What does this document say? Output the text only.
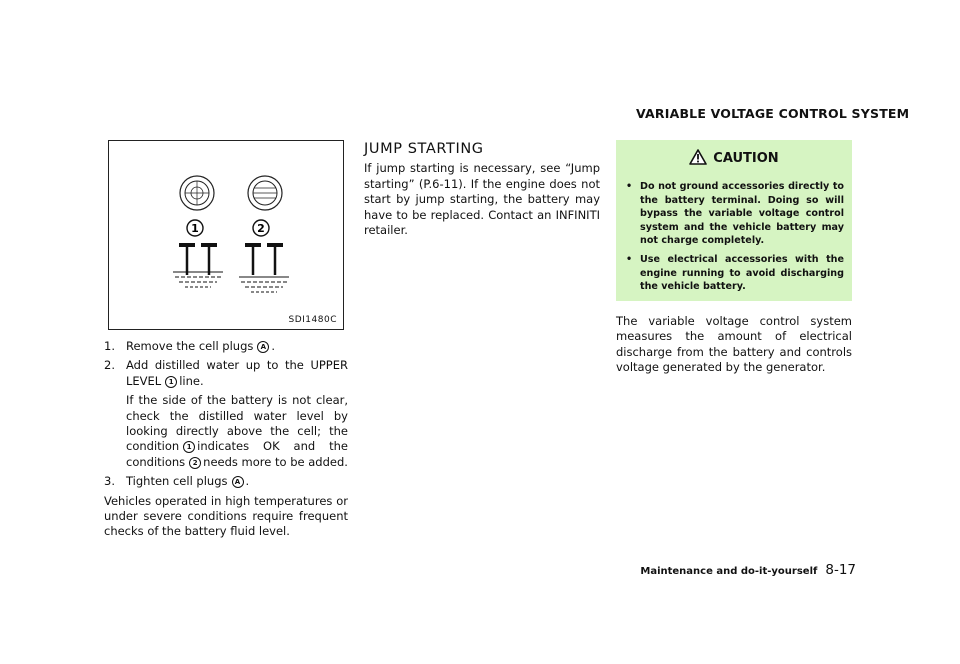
1	2
SDI1480C
1. Remove the cell plugs A .
2. Add distilled water up to the UPPER LEVEL 1 line.

If the side of the battery is not clear, check the distilled water level by looking directly above the cell; the condition 1 indicates OK and the conditions 2 needs more to be added.

3. Tighten cell plugs A .

Vehicles operated in high temperatures or under severe conditions require frequent checks of the battery fluid level.

JUMP STARTING

If jump starting is necessary, see “Jump starting” (P.6-11). If the engine does not start by jump starting, the battery may have to be replaced. Contact an INFINITI retailer.

VARIABLE VOLTAGE CONTROL SYSTEM
CAUTION
• Do not ground accessories directly to the battery terminal. Doing so will bypass the variable voltage control system and the vehicle battery may not charge completely.
• Use electrical accessories with the engine running to avoid discharging the vehicle battery.

The variable voltage control system measures the amount of electrical discharge from the battery and controls voltage generated by the generator.

Maintenance and do-it-yourself 8-17
